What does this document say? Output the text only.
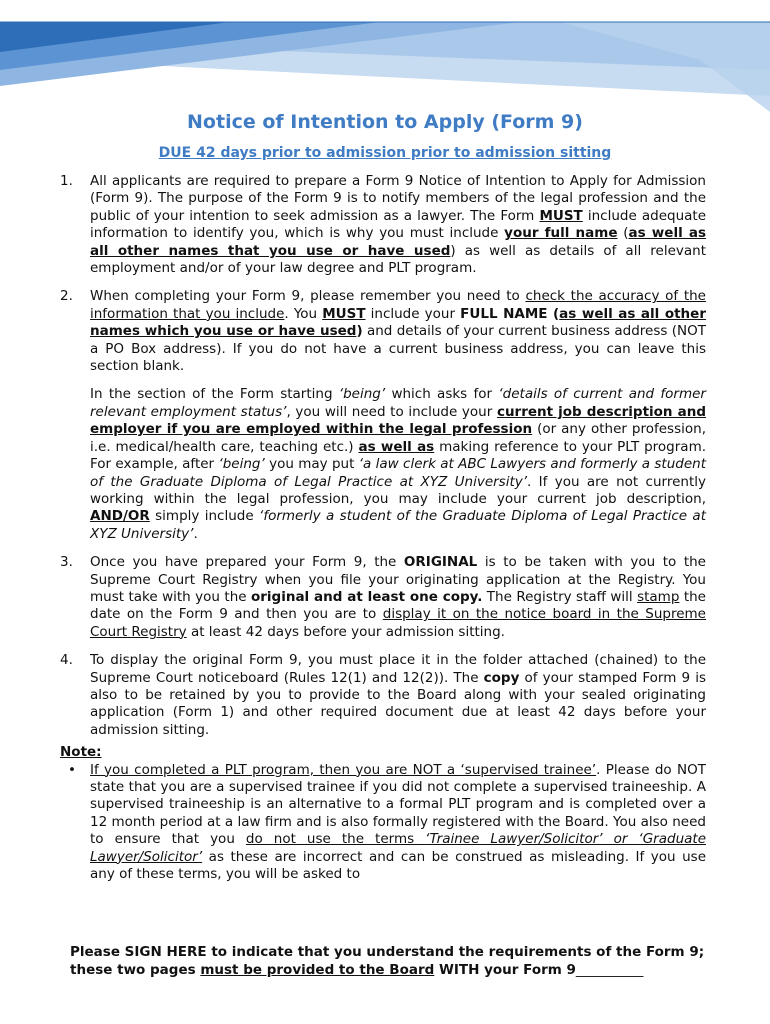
Notice of Intention to Apply (Form 9)
DUE 42 days prior to admission prior to admission sitting
1. All applicants are required to prepare a Form 9 Notice of Intention to Apply for Admission (Form 9). The purpose of the Form 9 is to notify members of the legal profession and the public of your intention to seek admission as a lawyer. The Form MUST include adequate information to identify you, which is why you must include your full name (as well as all other names that you use or have used) as well as details of all relevant employment and/or of your law degree and PLT program.
2. When completing your Form 9, please remember you need to check the accuracy of the information that you include. You MUST include your FULL NAME (as well as all other names which you use or have used) and details of your current business address (NOT a PO Box address). If you do not have a current business address, you can leave this section blank.
In the section of the Form starting ‘being’ which asks for ‘details of current and former relevant employment status’, you will need to include your current job description and employer if you are employed within the legal profession (or any other profession, i.e. medical/health care, teaching etc.) as well as making reference to your PLT program. For example, after ‘being’ you may put ‘a law clerk at ABC Lawyers and formerly a student of the Graduate Diploma of Legal Practice at XYZ University’. If you are not currently working within the legal profession, you may include your current job description, AND/OR simply include ‘formerly a student of the Graduate Diploma of Legal Practice at XYZ University’.
3. Once you have prepared your Form 9, the ORIGINAL is to be taken with you to the Supreme Court Registry when you file your originating application at the Registry. You must take with you the original and at least one copy. The Registry staff will stamp the date on the Form 9 and then you are to display it on the notice board in the Supreme Court Registry at least 42 days before your admission sitting.
4. To display the original Form 9, you must place it in the folder attached (chained) to the Supreme Court noticeboard (Rules 12(1) and 12(2)). The copy of your stamped Form 9 is also to be retained by you to provide to the Board along with your sealed originating application (Form 1) and other required document due at least 42 days before your admission sitting.
Note:
• If you completed a PLT program, then you are NOT a ‘supervised trainee’. Please do NOT state that you are a supervised trainee if you did not complete a supervised traineeship. A supervised traineeship is an alternative to a formal PLT program and is completed over a 12 month period at a law firm and is also formally registered with the Board. You also need to ensure that you do not use the terms ‘Trainee Lawyer/Solicitor’ or ‘Graduate Lawyer/Solicitor’ as these are incorrect and can be construed as misleading. If you use any of these terms, you will be asked to
Please SIGN HERE to indicate that you understand the requirements of the Form 9; these two pages must be provided to the Board WITH your Form 9__________
